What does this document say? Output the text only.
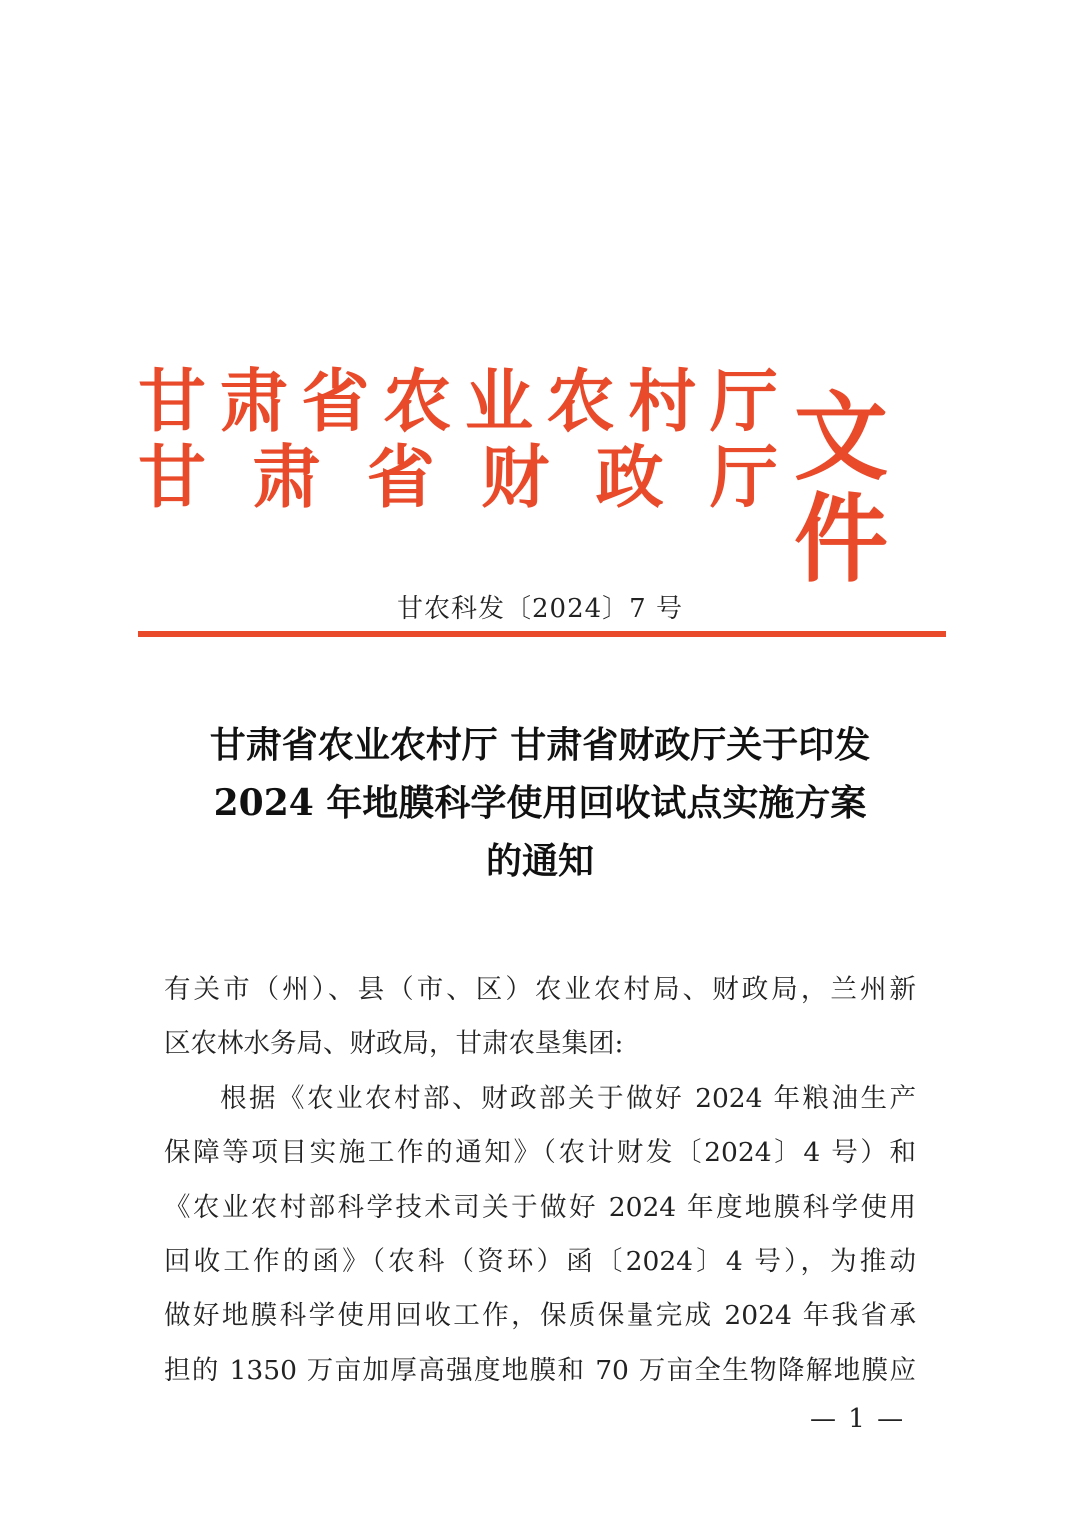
甘 肃 省 农 业 农 村 厅
甘 肃 省 财 政 厅 文件
甘农科发〔2024〕7 号
甘肃省农业农村厅 甘肃省财政厅关于印发
2024 年地膜科学使用回收试点实施方案
的通知
有关市（州）、县（市、区）农业农村局、财政局，兰州新
区农林水务局、财政局，甘肃农垦集团:
根据《农业农村部、财政部关于做好 2024 年粮油生产
保障等项目实施工作的通知》（农计财发〔2024〕4 号）和
《农业农村部科学技术司关于做好 2024 年度地膜科学使用
回收工作的函》（农科（资环）函〔2024〕4 号），为推动
做好地膜科学使用回收工作，保质保量完成 2024 年我省承
担的 1350 万亩加厚高强度地膜和 70 万亩全生物降解地膜应
— 1 —
